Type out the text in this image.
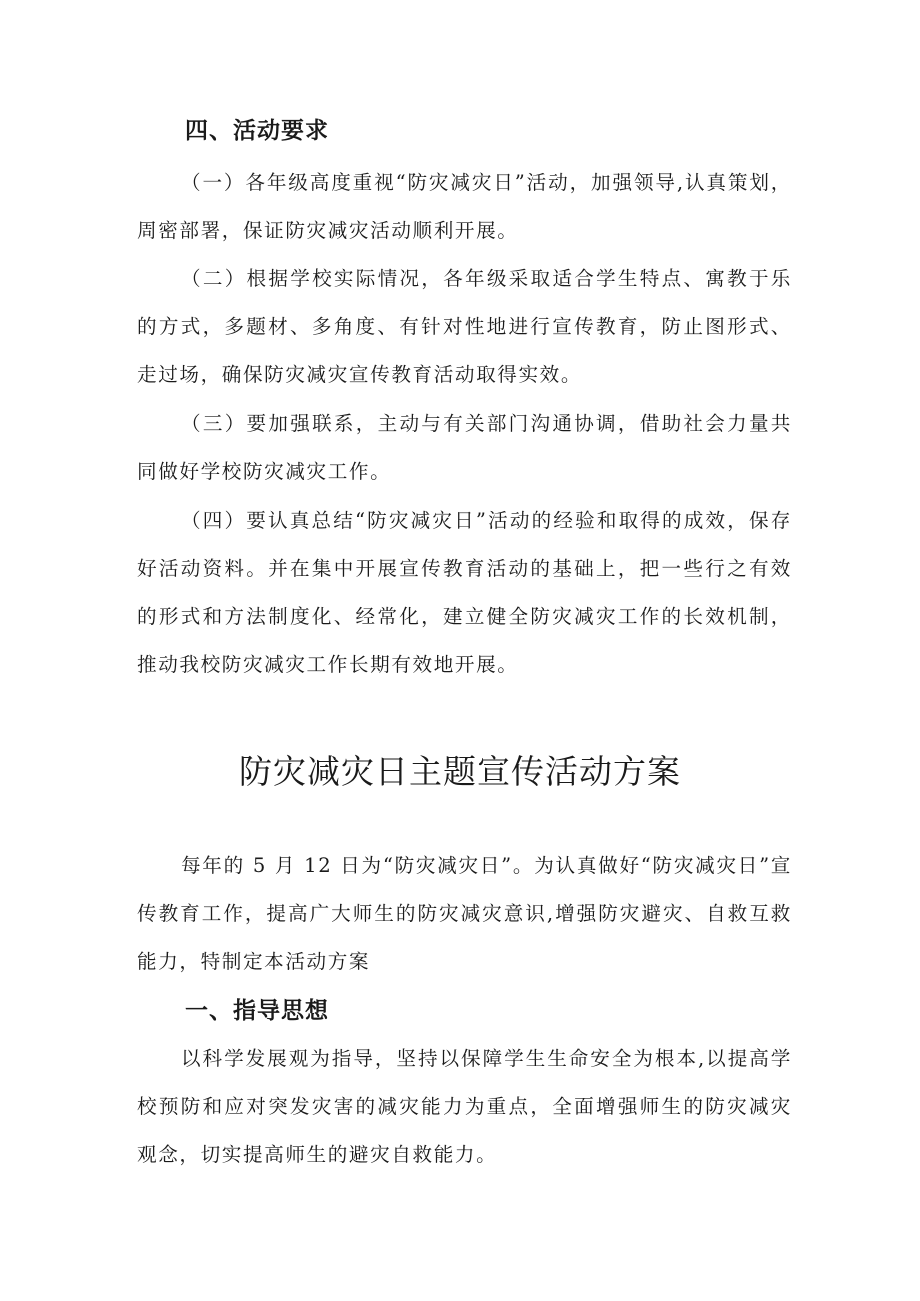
四、活动要求

（一）各年级高度重视“防灾减灾日”活动，加强领导,认真策划，周密部署，保证防灾减灾活动顺利开展。

（二）根据学校实际情况，各年级采取适合学生特点、寓教于乐的方式，多题材、多角度、有针对性地进行宣传教育，防止图形式、走过场，确保防灾减灾宣传教育活动取得实效。

（三）要加强联系，主动与有关部门沟通协调，借助社会力量共同做好学校防灾减灾工作。

（四）要认真总结“防灾减灾日”活动的经验和取得的成效，保存好活动资料。并在集中开展宣传教育活动的基础上，把一些行之有效的形式和方法制度化、经常化，建立健全防灾减灾工作的长效机制，推动我校防灾减灾工作长期有效地开展。

防灾减灾日主题宣传活动方案

每年的 5 月 12 日为“防灾减灾日”。为认真做好“防灾减灾日”宣传教育工作，提高广大师生的防灾减灾意识,增强防灾避灾、自救互救能力，特制定本活动方案

一、指导思想

以科学发展观为指导，坚持以保障学生生命安全为根本,以提高学校预防和应对突发灾害的减灾能力为重点，全面增强师生的防灾减灾观念，切实提高师生的避灾自救能力。
